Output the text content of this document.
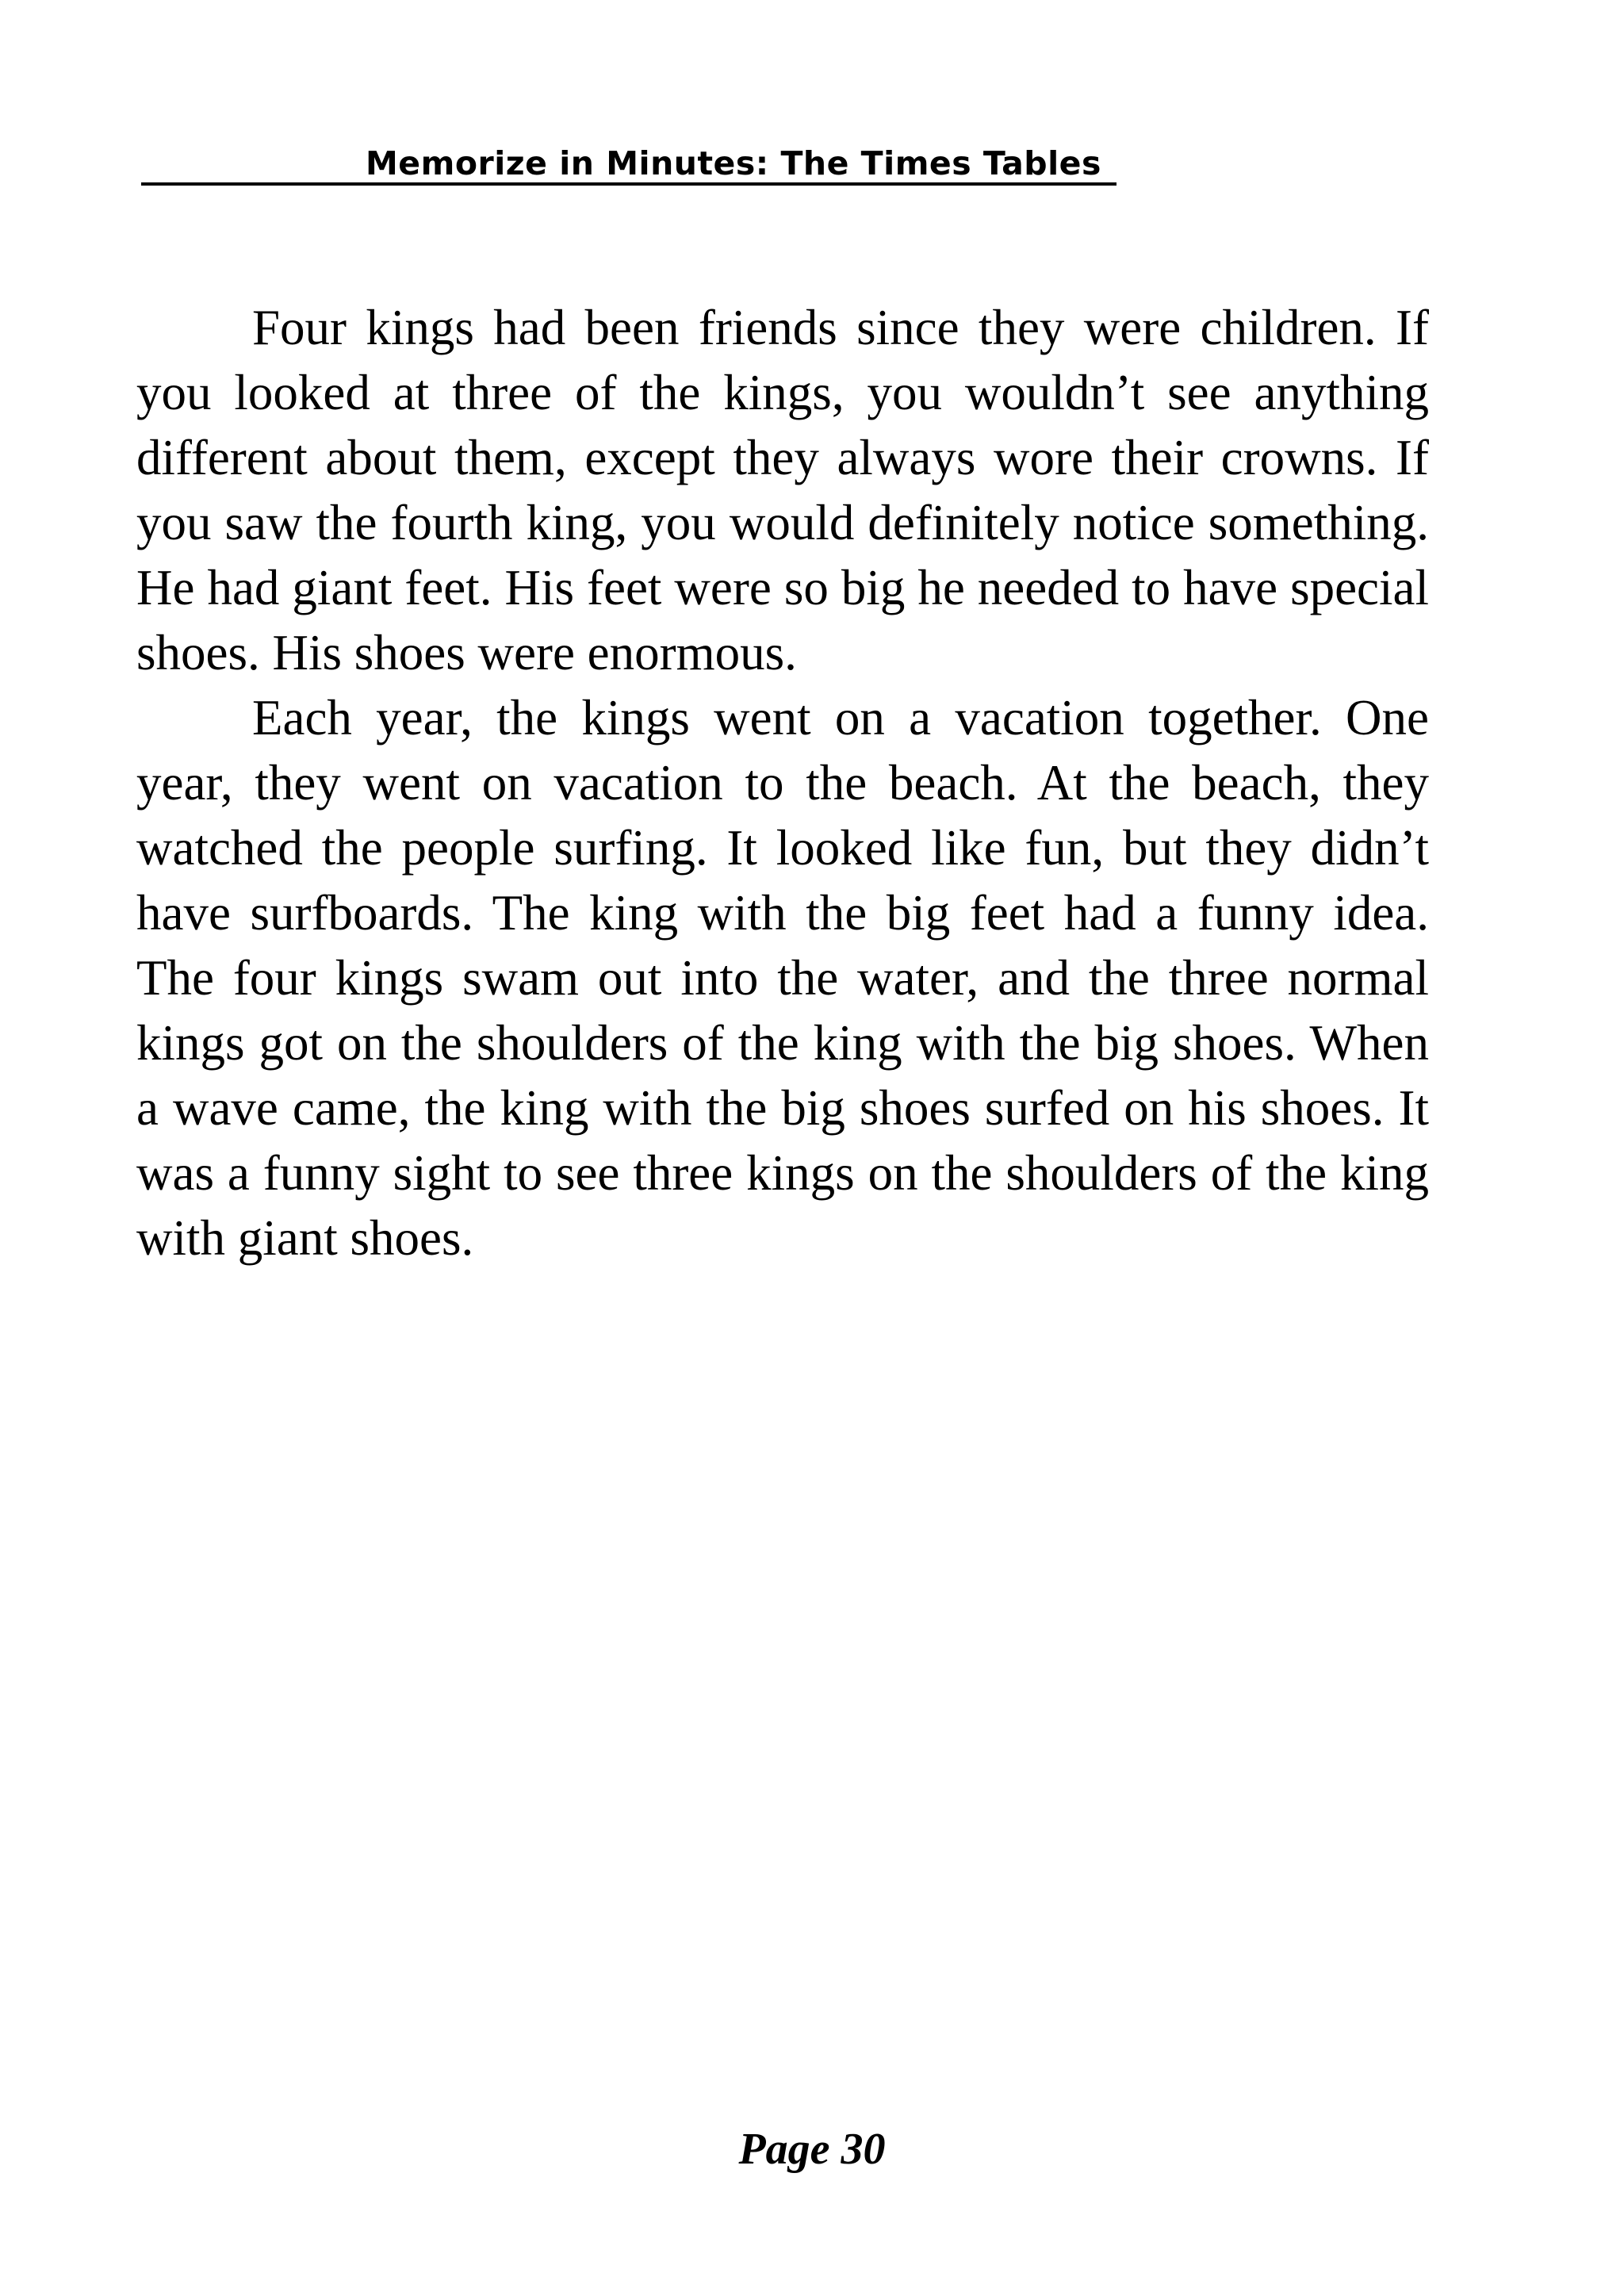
Memorize in Minutes: The Times Tables

Four kings had been friends since they were children. If you looked at three of the kings, you wouldn’t see anything different about them, except they always wore their crowns. If you saw the fourth king, you would definitely notice something. He had giant feet. His feet were so big he needed to have special shoes. His shoes were enormous.

Each year, the kings went on a vacation together. One year, they went on vacation to the beach. At the beach, they watched the people surfing. It looked like fun, but they didn’t have surfboards. The king with the big feet had a funny idea. The four kings swam out into the water, and the three normal kings got on the shoulders of the king with the big shoes. When a wave came, the king with the big shoes surfed on his shoes. It was a funny sight to see three kings on the shoulders of the king with giant shoes.

Page 30
